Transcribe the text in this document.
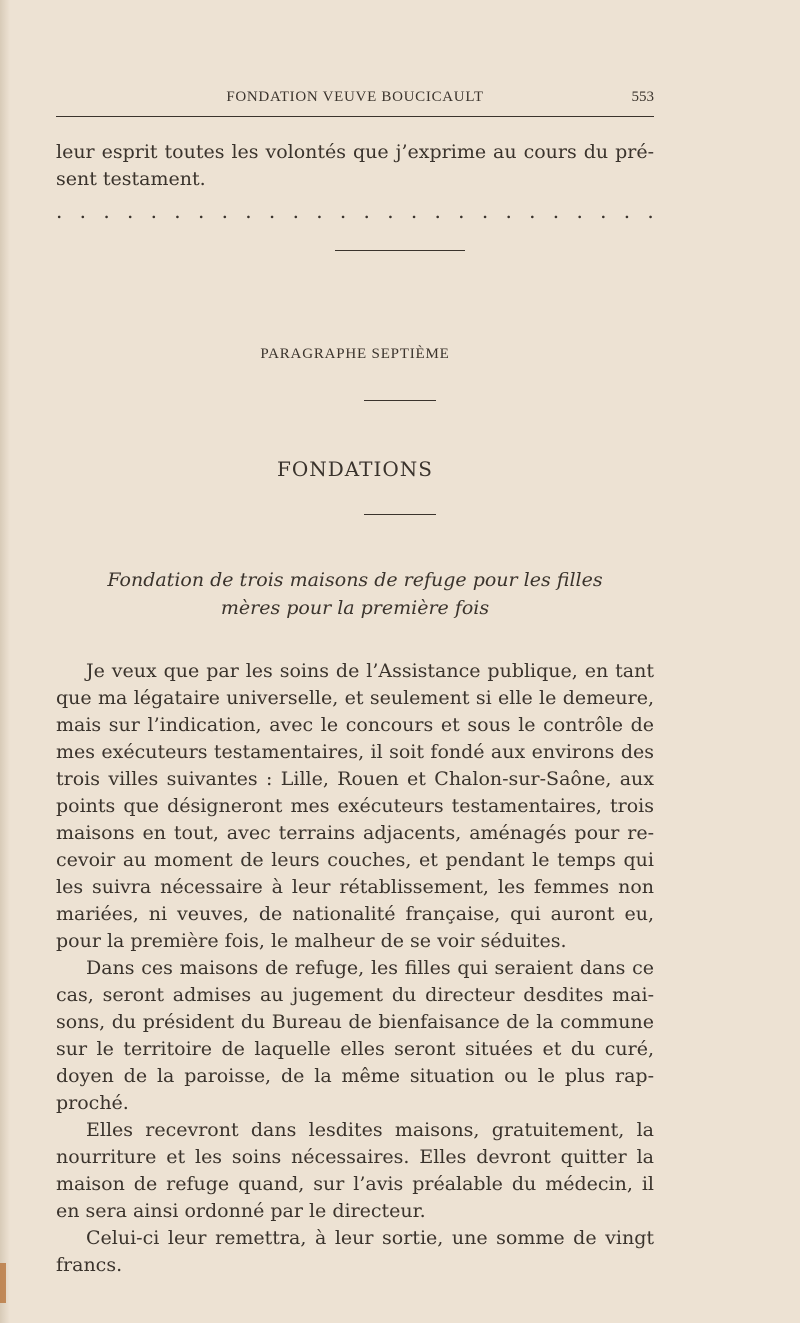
FONDATION VEUVE BOUCICAULT	553
leur esprit toutes les volontés que j’exprime au cours du pré-
sent testament.
. . . . . . . . . . . . . . . . . . . . . . . . . .
PARAGRAPHE SEPTIÈME
FONDATIONS
Fondation de trois maisons de refuge pour les filles
mères pour la première fois
Je veux que par les soins de l’Assistance publique, en tant
que ma légataire universelle, et seulement si elle le demeure,
mais sur l’indication, avec le concours et sous le contrôle de
mes exécuteurs testamentaires, il soit fondé aux environs des
trois villes suivantes : Lille, Rouen et Chalon-sur-Saône, aux
points que désigneront mes exécuteurs testamentaires, trois
maisons en tout, avec terrains adjacents, aménagés pour re-
cevoir au moment de leurs couches, et pendant le temps qui
les suivra nécessaire à leur rétablissement, les femmes non
mariées, ni veuves, de nationalité française, qui auront eu,
pour la première fois, le malheur de se voir séduites.
Dans ces maisons de refuge, les filles qui seraient dans ce
cas, seront admises au jugement du directeur desdites mai-
sons, du président du Bureau de bienfaisance de la commune
sur le territoire de laquelle elles seront situées et du curé,
doyen de la paroisse, de la même situation ou le plus rap-
proché.
Elles recevront dans lesdites maisons, gratuitement, la
nourriture et les soins nécessaires. Elles devront quitter la
maison de refuge quand, sur l’avis préalable du médecin, il
en sera ainsi ordonné par le directeur.
Celui-ci leur remettra, à leur sortie, une somme de vingt
francs.
